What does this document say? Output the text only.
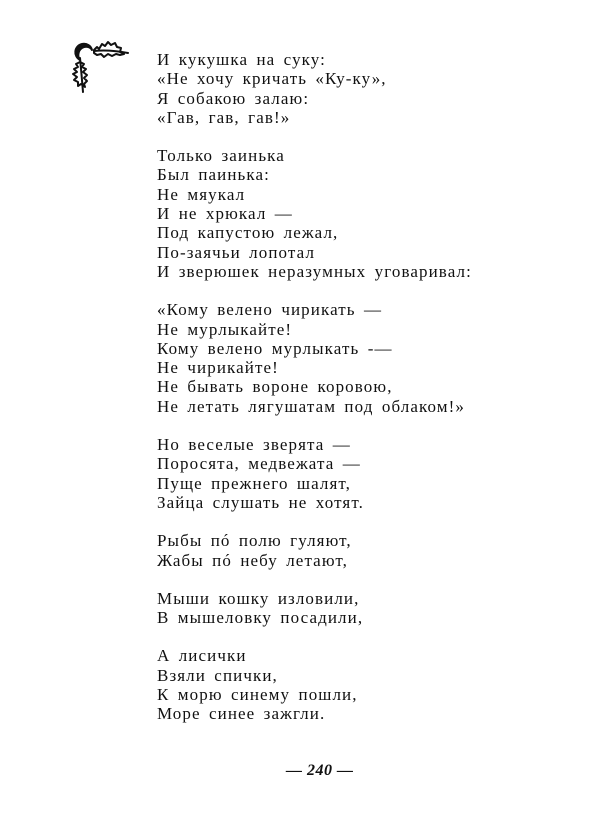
И кукушка на суку:
«Не хочу кричать «Ку-ку»,
Я собакою залаю:
«Гав, гав, гав!»
Только заинька
Был паинька:
Не мяукал
И не хрюкал —
Под капустою лежал,
По-заячьи лопотал
И зверюшек неразумных уговаривал:
«Кому велено чирикать —
Не мурлыкайте!
Кому велено мурлыкать -—
Не чирикайте!
Не бывать вороне коровою,
Не летать лягушатам под облаком!»
Но веселые зверята —
Поросята, медвежата —
Пуще прежнего шалят,
Зайца слушать не хотят.
Рыбы пó полю гуляют,
Жабы пó небу летают,
Мыши кошку изловили,
В мышеловку посадили,
А лисички
Взяли спички,
К морю синему пошли,
Море синее зажгли.
— 240 —
